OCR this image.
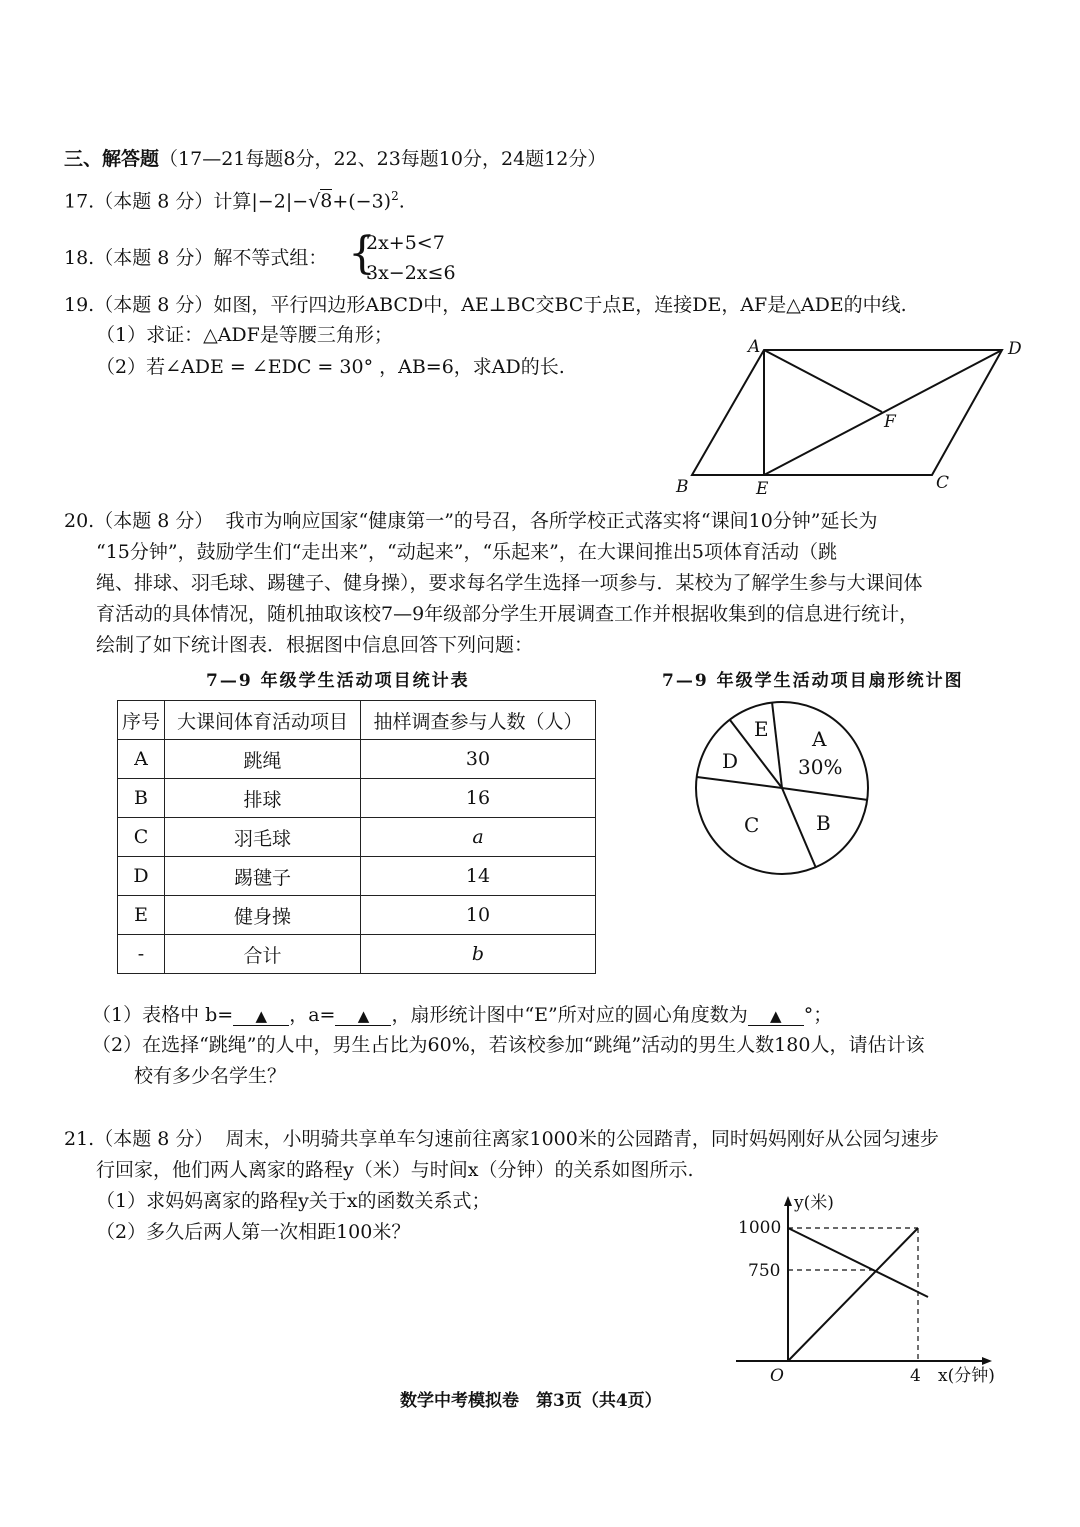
三、解答题（17—21每题8分，22、23每题10分，24题12分）
17.（本题 8 分）计算$|-2|-√8+(-3)^2$.
18.（本题 8 分）解不等式组： {
2x+5<7
3x−2x≤6
19.（本题 8 分）如图，平行四边形ABCD中，AE⊥BC交BC于点E，连接DE，AF是△ADE的中线.
（1）求证：△ADF是等腰三角形；
（2）若∠ADE = ∠EDC = 30° ，AB=6，求AD的长.
A	D
F
B	E	C
20.（本题 8 分） 我市为响应国家“健康第一”的号召，各所学校正式落实将“课间10分钟”延长为
“15分钟”，鼓励学生们“走出来”，“动起来”，“乐起来”，在大课间推出5项体育活动（跳
绳、排球、羽毛球、踢毽子、健身操），要求每名学生选择一项参与．某校为了解学生参与大课间体
育活动的具体情况，随机抽取该校7—9年级部分学生开展调查工作并根据收集到的信息进行统计，
绘制了如下统计图表．根据图中信息回答下列问题：
7—9 年级学生活动项目统计表	7—9 年级学生活动项目扇形统计图
序号	大课间体育活动项目	抽样调查参与人数（人）
A	跳绳	30
B	排球	16
C	羽毛球	a
D	踢毽子	14
E	健身操	10
-	合计	b
E A
30%
D
C	B
（1）表格中 b= ▲ ，a= ▲ ，扇形统计图中“E”所对应的圆心角度数为 ▲ °；
（2）在选择“跳绳”的人中，男生占比为60%，若该校参加“跳绳”活动的男生人数180人，请估计该
校有多少名学生？
21.（本题 8 分） 周末，小明骑共享单车匀速前往离家1000米的公园踏青，同时妈妈刚好从公园匀速步
行回家，他们两人离家的路程y（米）与时间x（分钟）的关系如图所示.
（1）求妈妈离家的路程y关于x的函数关系式；
（2）多久后两人第一次相距100米？
y(米)
1000
750
O	4 x(分钟)
数学中考模拟卷　第3页（共4页）
